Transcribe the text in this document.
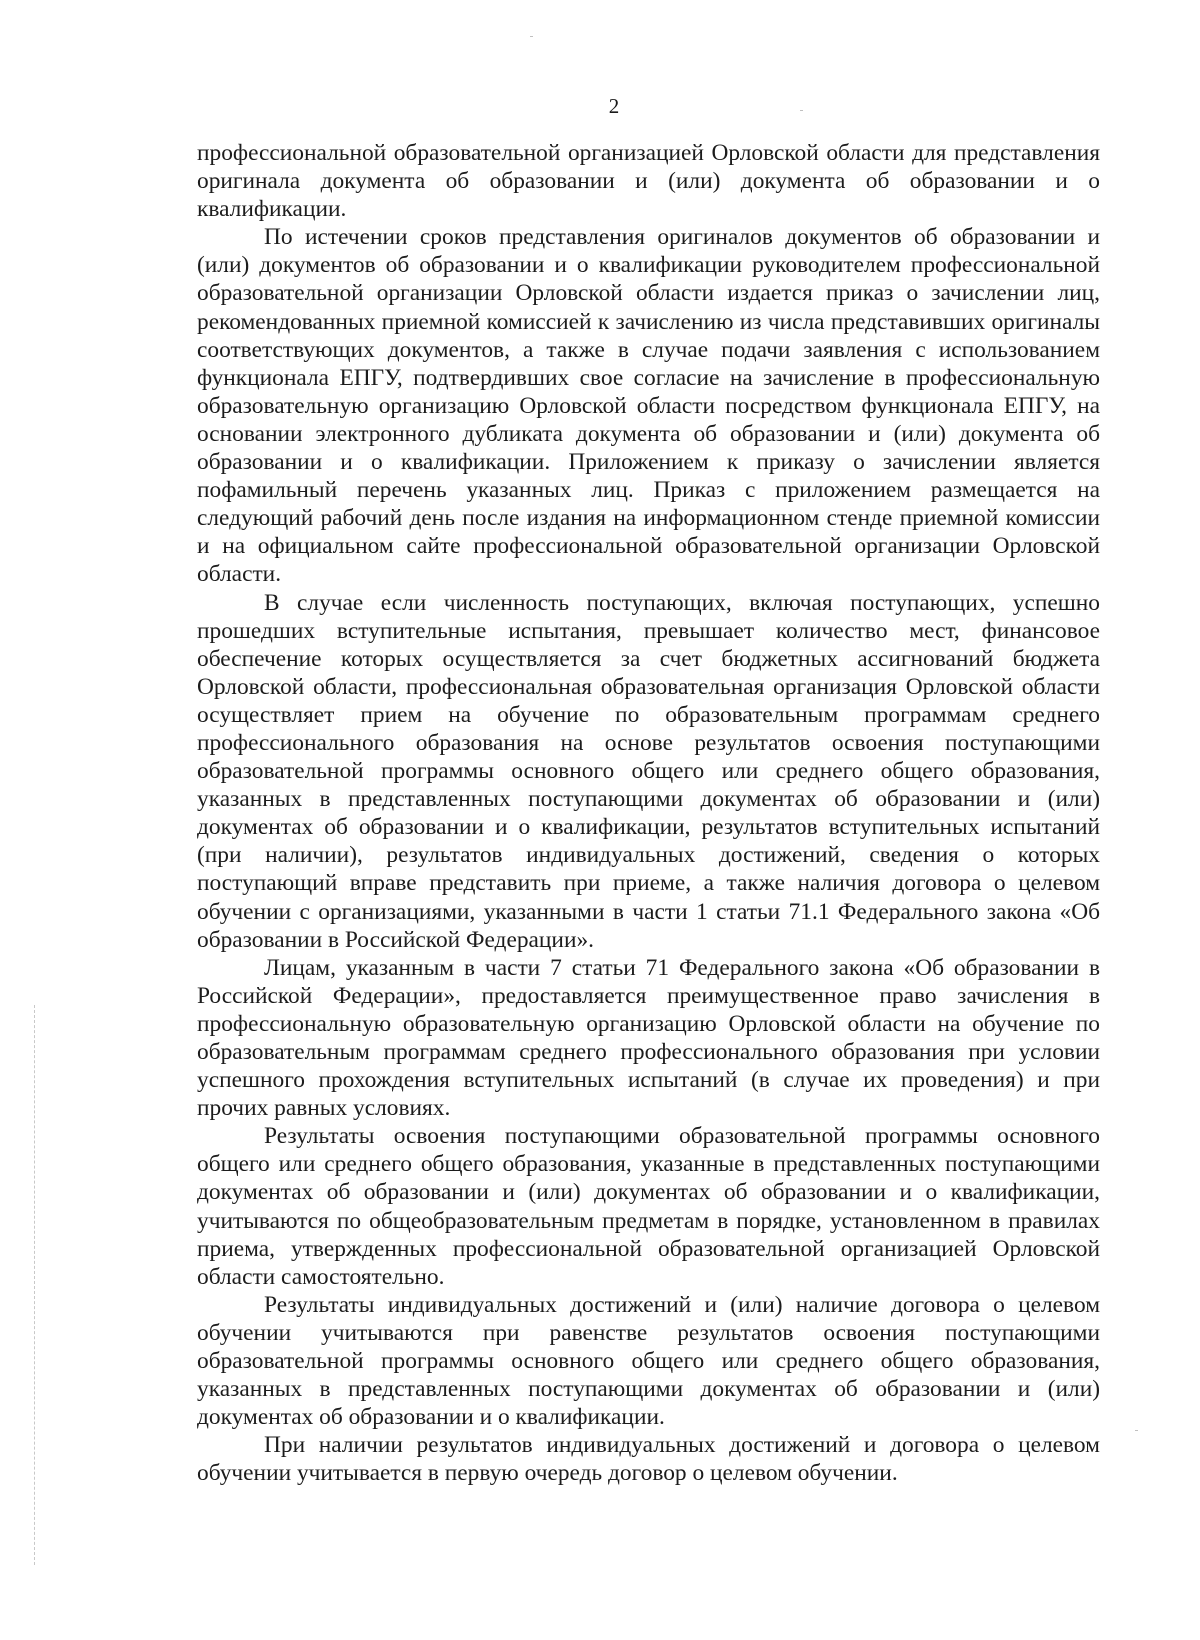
2

профессиональной образовательной организацией Орловской области для представления оригинала документа об образовании и (или) документа об образовании и о квалификации.

По истечении сроков представления оригиналов документов об образовании и (или) документов об образовании и о квалификации руководителем профессиональной образовательной организации Орловской области издается приказ о зачислении лиц, рекомендованных приемной комиссией к зачислению из числа представивших оригиналы соответствующих документов, а также в случае подачи заявления с использованием функционала ЕПГУ, подтвердивших свое согласие на зачисление в профессиональную образовательную организацию Орловской области посредством функционала ЕПГУ, на основании электронного дубликата документа об образовании и (или) документа об образовании и о квалификации. Приложением к приказу о зачислении является пофамильный перечень указанных лиц. Приказ с приложением размещается на следующий рабочий день после издания на информационном стенде приемной комиссии и на официальном сайте профессиональной образовательной организации Орловской области.

В случае если численность поступающих, включая поступающих, успешно прошедших вступительные испытания, превышает количество мест, финансовое обеспечение которых осуществляется за счет бюджетных ассигнований бюджета Орловской области, профессиональная образовательная организация Орловской области осуществляет прием на обучение по образовательным программам среднего профессионального образования на основе результатов освоения поступающими образовательной программы основного общего или среднего общего образования, указанных в представленных поступающими документах об образовании и (или) документах об образовании и о квалификации, результатов вступительных испытаний (при наличии), результатов индивидуальных достижений, сведения о которых поступающий вправе представить при приеме, а также наличия договора о целевом обучении с организациями, указанными в части 1 статьи 71.1 Федерального закона «Об образовании в Российской Федерации».

Лицам, указанным в части 7 статьи 71 Федерального закона «Об образовании в Российской Федерации», предоставляется преимущественное право зачисления в профессиональную образовательную организацию Орловской области на обучение по образовательным программам среднего профессионального образования при условии успешного прохождения вступительных испытаний (в случае их проведения) и при прочих равных условиях.

Результаты освоения поступающими образовательной программы основного общего или среднего общего образования, указанные в представленных поступающими документах об образовании и (или) документах об образовании и о квалификации, учитываются по общеобразовательным предметам в порядке, установленном в правилах приема, утвержденных профессиональной образовательной организацией Орловской области самостоятельно.

Результаты индивидуальных достижений и (или) наличие договора о целевом обучении учитываются при равенстве результатов освоения поступающими образовательной программы основного общего или среднего общего образования, указанных в представленных поступающими документах об образовании и (или) документах об образовании и о квалификации.

При наличии результатов индивидуальных достижений и договора о целевом обучении учитывается в первую очередь договор о целевом обучении.
